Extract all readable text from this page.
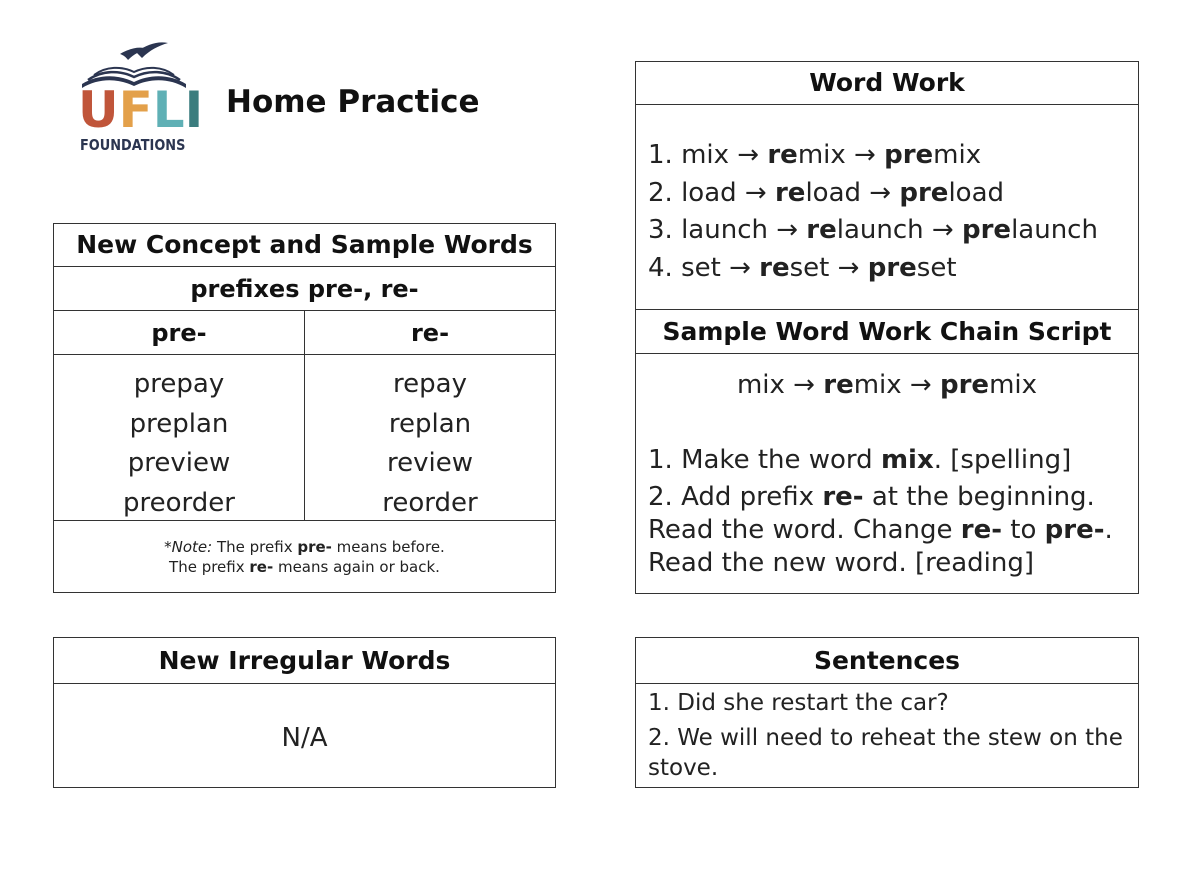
U F L I
FOUNDATIONS
Home Practice
New Concept and Sample Words
prefixes pre-, re-
pre-	re-
prepay
preplan
preview
preorder
repay
replan
review
reorder
*Note: The prefix pre- means before.
The prefix re- means again or back.
New Irregular Words
N/A
Word Work
1. mix → remix → premix
2. load → reload → preload
3. launch → relaunch → prelaunch
4. set → reset → preset
Sample Word Work Chain Script
mix → remix → premix
1. Make the word mix. [spelling]
2. Add prefix re- at the beginning.
Read the word. Change re- to pre-.
Read the new word. [reading]
Sentences
1. Did she restart the car?
2. We will need to reheat the stew on the stove.
